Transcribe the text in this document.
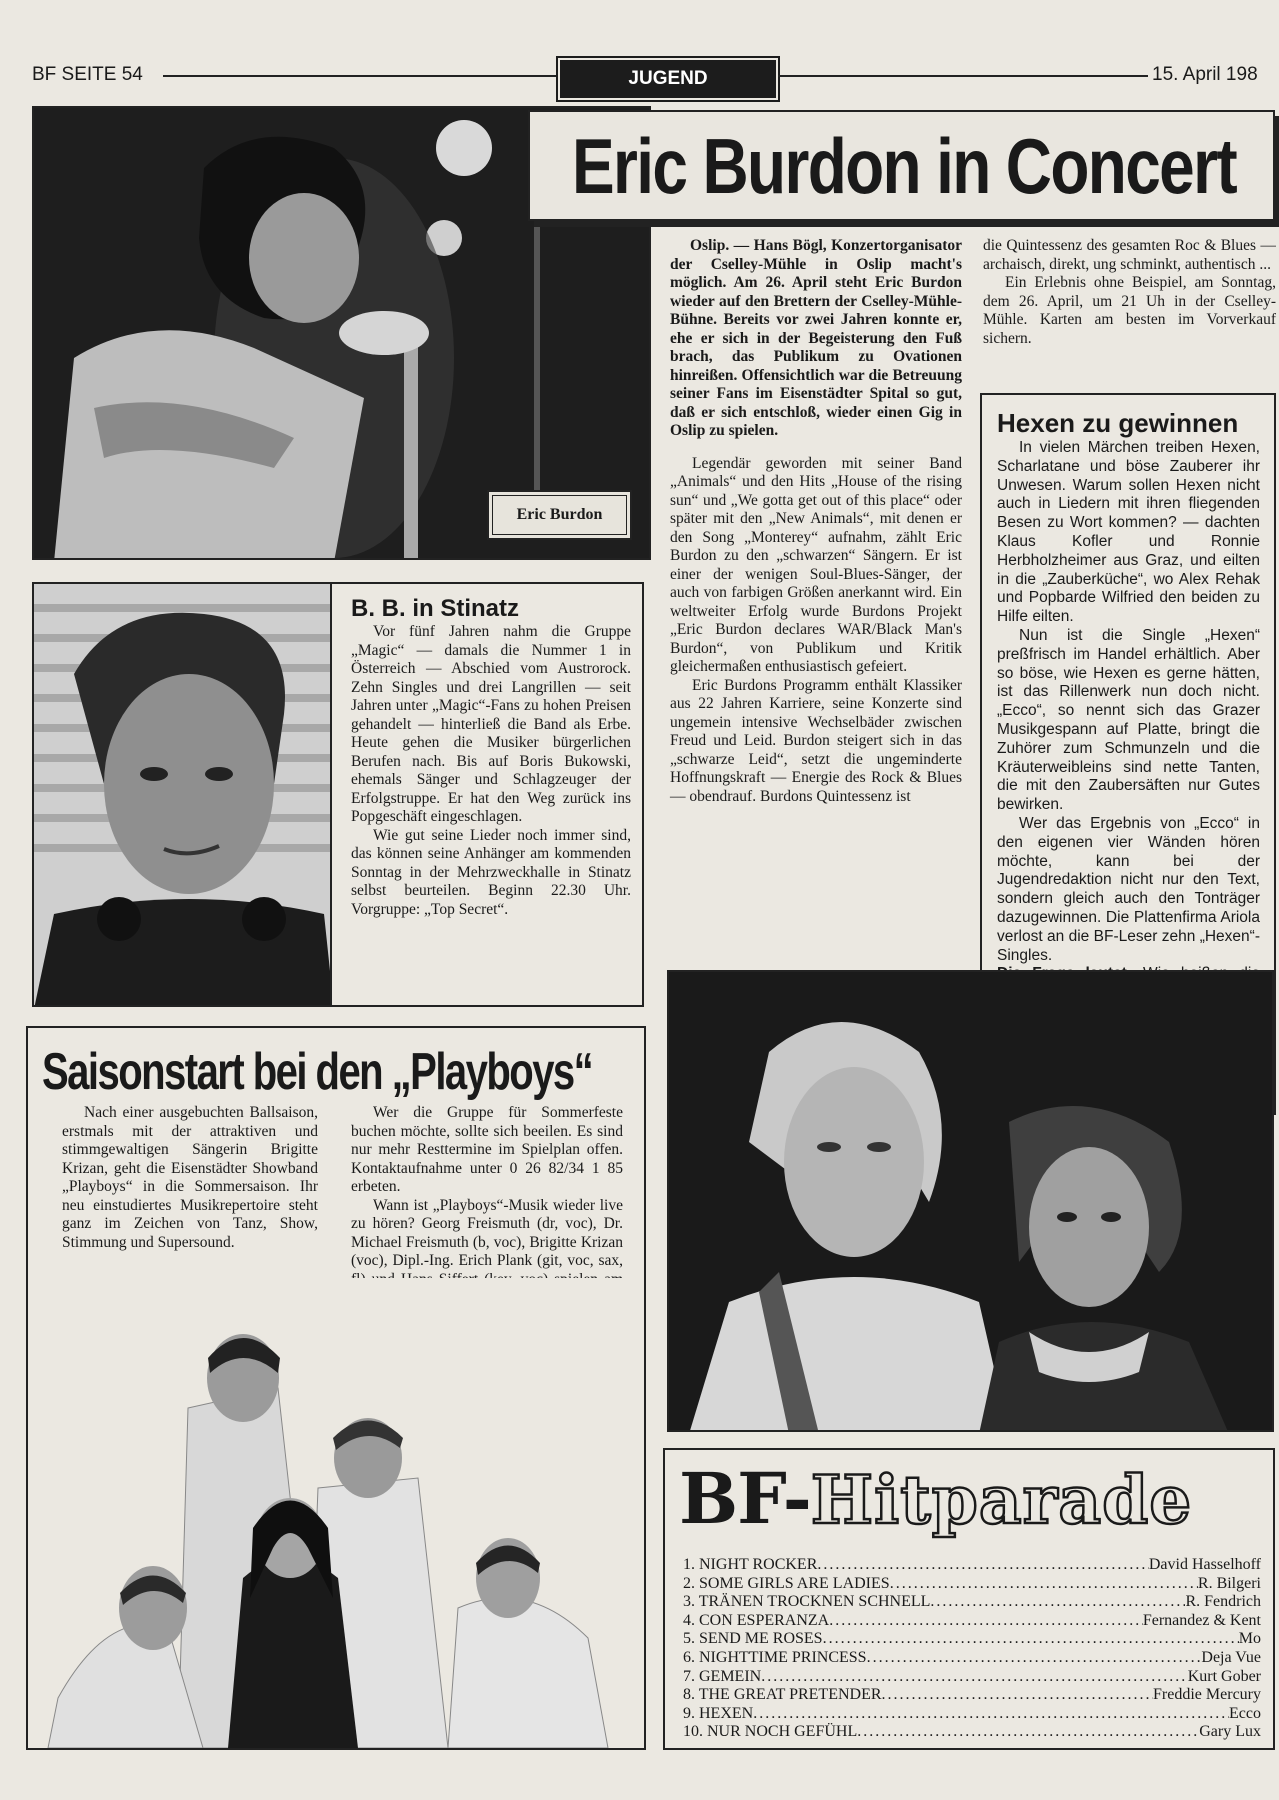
BF SEITE 54	JUGEND	15. April 198
Eric Burdon
Eric Burdon in Concert

Oslip. — Hans Bögl, Konzertorganisator der Cselley-Mühle in Oslip macht's möglich. Am 26. April steht Eric Burdon wieder auf den Brettern der Cselley-Mühle-Bühne. Bereits vor zwei Jahren konnte er, ehe er sich in der Begeisterung den Fuß brach, das Publikum zu Ovationen hinreißen. Offensichtlich war die Betreuung seiner Fans im Eisenstädter Spital so gut, daß er sich entschloß, wieder einen Gig in Oslip zu spielen.

Legendär geworden mit seiner Band „Animals“ und den Hits „House of the rising sun“ und „We gotta get out of this place“ oder später mit den „New Animals“, mit denen er den Song „Monterey“ aufnahm, zählt Eric Burdon zu den „schwarzen“ Sängern. Er ist einer der wenigen Soul-Blues-Sänger, der auch von farbigen Größen anerkannt wird. Ein weltweiter Erfolg wurde Burdons Projekt „Eric Burdon declares WAR/Black Man's Burdon“, von Publikum und Kritik gleichermaßen enthusiastisch gefeiert.

Eric Burdons Programm enthält Klassiker aus 22 Jahren Karriere, seine Konzerte sind ungemein intensive Wechselbäder zwischen Freud und Leid. Burdon steigert sich in das „schwarze Leid“, setzt die ungeminderte Hoffnungskraft — Energie des Rock & Blues — obendrauf. Burdons Quintessenz ist

die Quintessenz des gesamten Roc & Blues — archaisch, direkt, ung schminkt, authentisch ...

Ein Erlebnis ohne Beispiel, am Sonntag, dem 26. April, um 21 Uh in der Cselley-Mühle. Karten am besten im Vorverkauf sichern.

Hexen zu gewinnen

In vielen Märchen treiben Hexen, Scharlatane und böse Zauberer ihr Unwesen. Warum sollen Hexen nicht auch in Liedern mit ihren fliegenden Besen zu Wort kommen? — dachten Klaus Kofler und Ronnie Herbholzheimer aus Graz, und eilten in die „Zauberküche“, wo Alex Rehak und Popbarde Wilfried den beiden zu Hilfe eilten.

Nun ist die Single „Hexen“ preßfrisch im Handel erhältlich. Aber so böse, wie Hexen es gerne hätten, ist das Rillenwerk nun doch nicht. „Ecco“, so nennt sich das Grazer Musikgespann auf Platte, bringt die Zuhörer zum Schmunzeln und die Kräuterweibleins sind nette Tanten, die mit den Zaubersäften nur Gutes bewirken.

Wer das Ergebnis von „Ecco“ in den eigenen vier Wänden hören möchte, kann bei der Jugendredaktion nicht nur den Text, sondern gleich auch den Tonträger dazugewinnen. Die Plattenfirma Ariola verlost an die BF-Leser zehn „Hexen“-Singles.

B. B. in Stinatz

Vor fünf Jahren nahm die Gruppe „Magic“ — damals die Nummer 1 in Österreich — Abschied vom Austrorock. Zehn Singles und drei Langrillen — seit Jahren unter „Magic“-Fans zu hohen Preisen gehandelt — hinterließ die Band als Erbe. Heute gehen die Musiker bürgerlichen Berufen nach. Bis auf Boris Bukowski, ehemals Sänger und Schlagzeuger der Erfolgstruppe. Er hat den Weg zurück ins Popgeschäft eingeschlagen.

Wie gut seine Lieder noch immer sind, das können seine Anhänger am kommenden Sonntag in der Mehrzweckhalle in Stinatz selbst beurteilen. Beginn 22.30 Uhr. Vorgruppe: „Top Secret“.

Saisonstart bei den „Playboys“

Nach einer ausgebuchten Ballsaison, erstmals mit der attraktiven und stimmgewaltigen Sängerin Brigitte Krizan, geht die Eisenstädter Showband „Playboys“ in die Sommersaison. Ihr neu einstudiertes Musikrepertoire steht ganz im Zeichen von Tanz, Show, Stimmung und Supersound.

Wer die Gruppe für Sommerfeste buchen möchte, sollte sich beeilen. Es sind nur mehr Resttermine im Spielplan offen. Kontaktaufnahme unter 0 26 82/34 1 85 erbeten.

Wann ist „Playboys“-Musik wieder live zu hören? Georg Freismuth (dr, voc), Dr. Michael Freismuth (b, voc), Brigitte Krizan (voc), Dipl.-Ing. Erich Plank (git, voc, sax,

BF-Hitparade
1. NIGHT ROCKER .....	David Hasselhoff
2. SOME GIRLS ARE LADIES .....	R. Bilgeri
3. TRÄNEN TROCKNEN SCHNELL .....	R. Fendrich
4. CON ESPERANZA .....	Fernandez & Kent
5. SEND ME ROSES .....	Mo
6. NIGHTTIME PRINCESS .....	Deja Vue
7. GEMEIN .....	Kurt Gober
8. THE GREAT PRETENDER .....	Freddie Mercury
9. HEXEN .....	Ecco
10. NUR NOCH GEFÜHL .....	Gary Lux
